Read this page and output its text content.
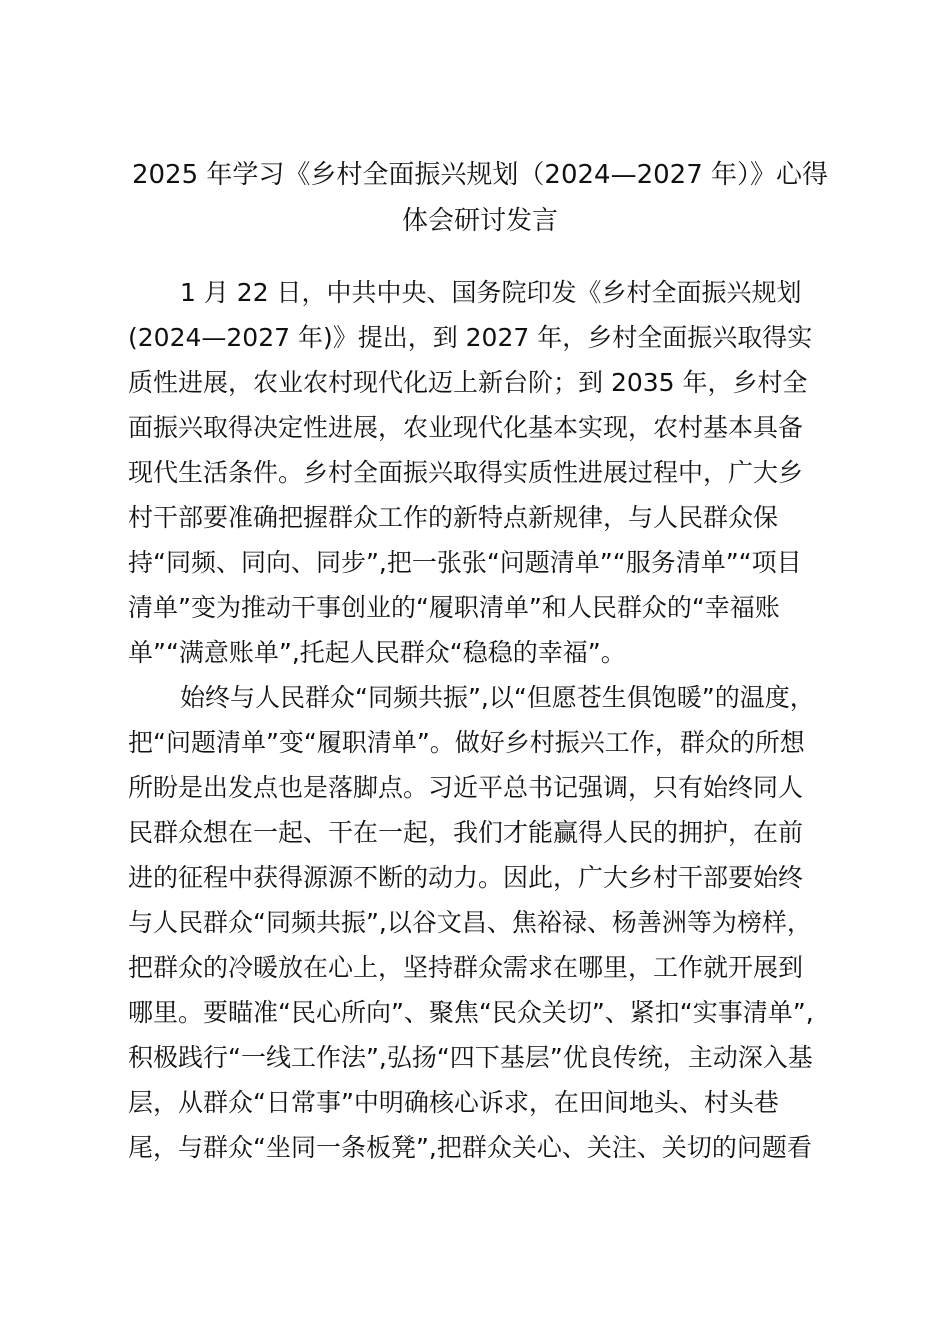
2025 年学习《乡村全面振兴规划（2024—2027 年）》心得
体会研讨发言
1 月 22 日，中共中央、国务院印发《乡村全面振兴规划
(2024—2027 年)》提出，到 2027 年，乡村全面振兴取得实
质性进展，农业农村现代化迈上新台阶；到 2035 年，乡村全
面振兴取得决定性进展，农业现代化基本实现，农村基本具备
现代生活条件。乡村全面振兴取得实质性进展过程中，广大乡
村干部要准确把握群众工作的新特点新规律，与人民群众保
持“同频、同向、同步”,把一张张“问题清单”“服务清单”“项目
清单”变为推动干事创业的“履职清单”和人民群众的“幸福账
单”“满意账单”,托起人民群众“稳稳的幸福”。
始终与人民群众“同频共振”,以“但愿苍生俱饱暖”的温度，
把“问题清单”变“履职清单”。做好乡村振兴工作，群众的所想
所盼是出发点也是落脚点。习近平总书记强调，只有始终同人
民群众想在一起、干在一起，我们才能赢得人民的拥护，在前
进的征程中获得源源不断的动力。因此，广大乡村干部要始终
与人民群众“同频共振”,以谷文昌、焦裕禄、杨善洲等为榜样，
把群众的冷暖放在心上，坚持群众需求在哪里，工作就开展到
哪里。要瞄准“民心所向”、聚焦“民众关切”、紧扣“实事清单”,
积极践行“一线工作法”,弘扬“四下基层”优良传统，主动深入基
层，从群众“日常事”中明确核心诉求，在田间地头、村头巷
尾，与群众“坐同一条板凳”,把群众关心、关注、关切的问题看
